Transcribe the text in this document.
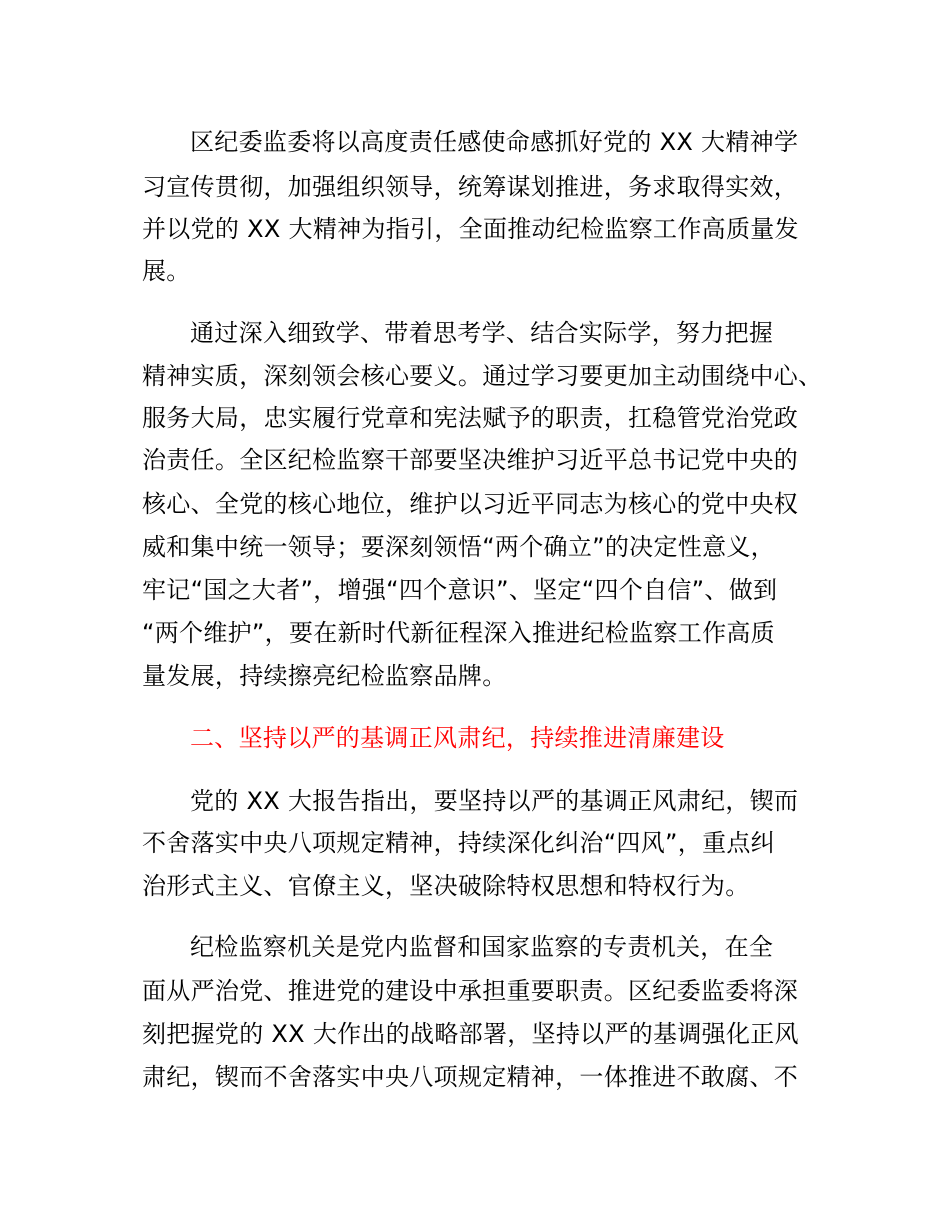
区纪委监委将以高度责任感使命感抓好党的 XX 大精神学
习宣传贯彻，加强组织领导，统筹谋划推进，务求取得实效，
并以党的 XX 大精神为指引，全面推动纪检监察工作高质量发
展。
通过深入细致学、带着思考学、结合实际学，努力把握
精神实质，深刻领会核心要义。通过学习要更加主动围绕中心、
服务大局，忠实履行党章和宪法赋予的职责，扛稳管党治党政
治责任。全区纪检监察干部要坚决维护习近平总书记党中央的
核心、全党的核心地位，维护以习近平同志为核心的党中央权
威和集中统一领导；要深刻领悟“两个确立”的决定性意义，
牢记“国之大者”，增强“四个意识”、坚定“四个自信”、做到
“两个维护”，要在新时代新征程深入推进纪检监察工作高质
量发展，持续擦亮纪检监察品牌。
二、坚持以严的基调正风肃纪，持续推进清廉建设
党的 XX 大报告指出，要坚持以严的基调正风肃纪，锲而
不舍落实中央八项规定精神，持续深化纠治“四风”，重点纠
治形式主义、官僚主义，坚决破除特权思想和特权行为。
纪检监察机关是党内监督和国家监察的专责机关，在全
面从严治党、推进党的建设中承担重要职责。区纪委监委将深
刻把握党的 XX 大作出的战略部署，坚持以严的基调强化正风
肃纪，锲而不舍落实中央八项规定精神，一体推进不敢腐、不
